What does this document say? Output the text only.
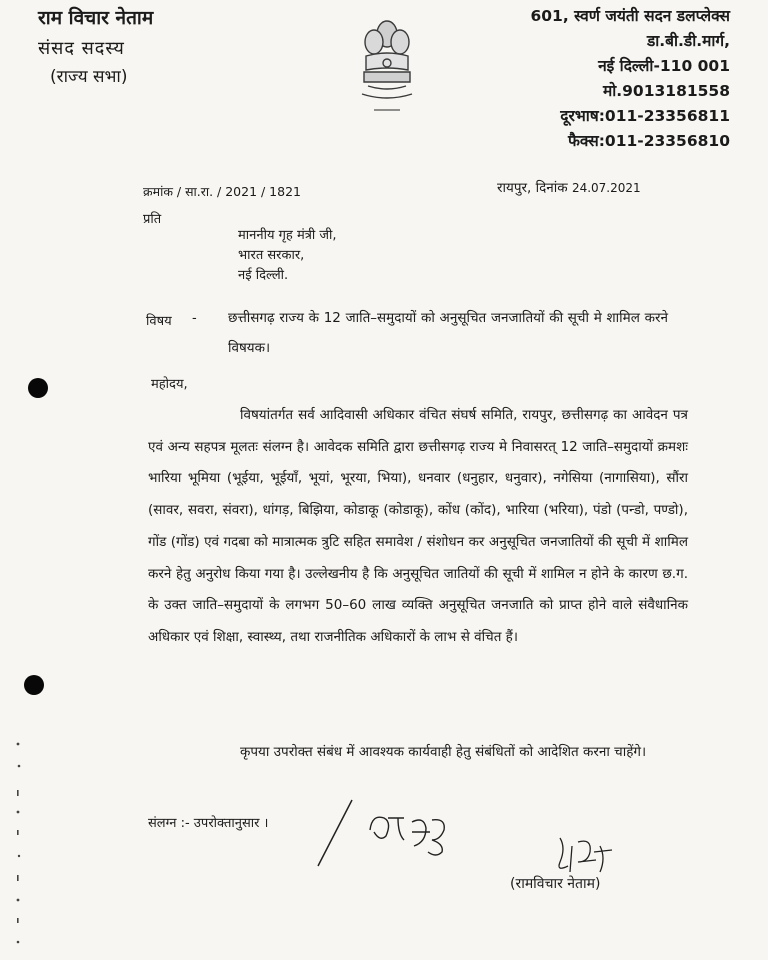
राम विचार नेताम
संसद सदस्य
(राज्य सभा)
601, स्वर्ण जयंती सदन डलप्लेक्स
डा.बी.डी.मार्ग,
नई दिल्ली-110 001
मो.9013181558
दूरभाष:011-23356811
फैक्स:011-23356810
क्रमांक / सा.रा. / 2021 / 1821	रायपुर, दिनांक 24.07.2021
प्रति
माननीय गृह मंत्री जी,
भारत सरकार,
नई दिल्ली.
विषय - छत्तीसगढ़ राज्य के 12 जाति–समुदायों को अनुसूचित जनजातियों की सूची मे शामिल करने विषयक।
महोदय,

विषयांतर्गत सर्व आदिवासी अधिकार वंचित संघर्ष समिति, रायपुर, छत्तीसगढ़ का आवेदन पत्र एवं अन्य सहपत्र मूलतः संलग्न है। आवेदक समिति द्वारा छत्तीसगढ़ राज्य मे निवासरत् 12 जाति–समुदायों क्रमशः भारिया भूमिया (भूईया, भूईयाँ, भूयां, भूरया, भिया), धनवार (धनुहार, धनुवार), नगेसिया (नागासिया), सौंरा (सावर, सवरा, संवरा), धांगड़, बिझिया, कोडाकू (कोडाकू), कोंध (कोंद), भारिया (भरिया), पंडो (पन्डो, पण्डो), गोंड (गोंड) एवं गदबा को मात्रात्मक त्रुटि सहित समावेश / संशोधन कर अनुसूचित जनजातियों की सूची में शामिल करने हेतु अनुरोध किया गया है। उल्लेखनीय है कि अनुसूचित जातियों की सूची में शामिल न होने के कारण छ.ग. के उक्त जाति–समुदायों के लगभग 50–60 लाख व्यक्ति अनुसूचित जनजाति को प्राप्त होने वाले संवैधानिक अधिकार एवं शिक्षा, स्वास्थ्य, तथा राजनीतिक अधिकारों के लाभ से वंचित हैं।

कृपया उपरोक्त संबंध में आवश्यक कार्यवाही हेतु संबंधितों को आदेशित करना चाहेंगे।

संलग्न :- उपरोक्तानुसार ।
(रामविचार नेताम)
